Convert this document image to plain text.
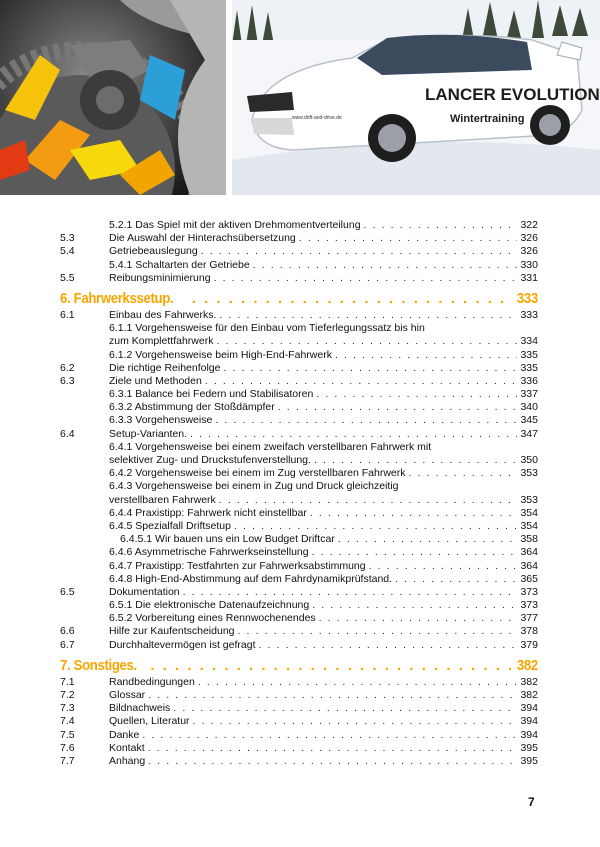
LANCER EVOLUTION
Wintertraining
www.drift-and-drive.de
5.2.1 Das Spiel mit der aktiven Drehmomentverteilung . . .	322
5.3	Die Auswahl der Hinterachsübersetzung . . .	326
5.4	Getriebeauslegung . . .	326
5.4.1 Schaltarten der Getriebe . . .	330
5.5	Reibungsminimierung . . .	331
6. Fahrwerkssetup. . . .	333
6.1	Einbau des Fahrwerks. . . .	333
6.1.1 Vorgehensweise für den Einbau vom Tieferlegungssatz bis hin
zum Komplettfahrwerk . . .	334
6.1.2 Vorgehensweise beim High-End-Fahrwerk . . .	335
6.2	Die richtige Reihenfolge . . .	335
6.3	Ziele und Methoden . . .	336
6.3.1 Balance bei Federn und Stabilisatoren . . .	337
6.3.2 Abstimmung der Stoßdämpfer . . .	340
6.3.3 Vorgehensweise . . .	345
6.4	Setup-Varianten. . . .	347
6.4.1 Vorgehensweise bei einem zweifach verstellbaren Fahrwerk mit
selektiver Zug- und Druckstufenverstellung. . . .	350
6.4.2 Vorgehensweise bei einem im Zug verstellbaren Fahrwerk . . .	353
6.4.3 Vorgehensweise bei einem in Zug und Druck gleichzeitig
verstellbaren Fahrwerk . . .	353
6.4.4 Praxistipp: Fahrwerk nicht einstellbar . . .	354
6.4.5 Spezialfall Driftsetup . . .	354
6.4.5.1 Wir bauen uns ein Low Budget Driftcar . . .	358
6.4.6 Asymmetrische Fahrwerkseinstellung . . .	364
6.4.7 Praxistipp: Testfahrten zur Fahrwerksabstimmung . . .	364
6.4.8 High-End-Abstimmung auf dem Fahrdynamikprüfstand. . . .	365
6.5	Dokumentation . . .	373
6.5.1 Die elektronische Datenaufzeichnung . . .	373
6.5.2 Vorbereitung eines Rennwochenendes . . .	377
6.6	Hilfe zur Kaufentscheidung . . .	378
6.7	Durchhaltevermögen ist gefragt . . .	379
7. Sonstiges. . . .	382
7.1	Randbedingungen . . .	382
7.2	Glossar . . .	382
7.3	Bildnachweis . . .	394
7.4	Quellen, Literatur . . .	394
7.5	Danke . . .	394
7.6	Kontakt . . .	395
7.7	Anhang . . .	395
7
